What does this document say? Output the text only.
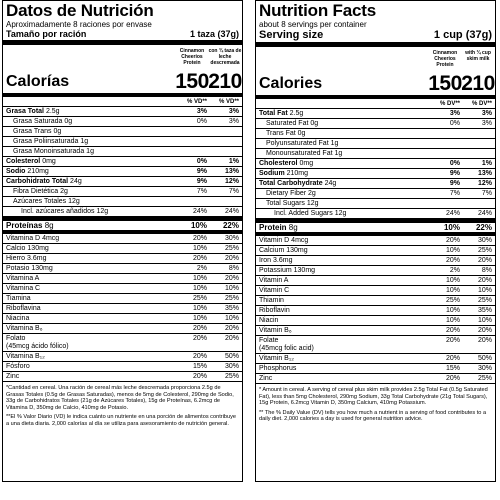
Datos de Nutrición
Aproximadamente 8 raciones por envase
Tamaño por ración	1 taza (37g)
Calorías
Cinnamon Cheerios Protein
150
con ¾ taza de leche descremada
210
% VD**	% VD**
Grasa Total 2.5g	3%	3%
Grasa Saturada 0g	0%	3%
Grasa Trans 0g
Grasa Poliinsaturada 1g
Grasa Monoinsaturada 1g
Colesterol 0mg	0%	1%
Sodio 210mg	9%	13%
Carbohidrato Total 24g	9%	12%
Fibra Dietética 2g	7%	7%
Azúcares Totales 12g
Incl. azúcares añadidos 12g	24%	24%
Proteínas 8g	10%	22%
Vitamina D 4mcg	20%	30%
Calcio 130mg	10%	25%
Hierro 3.6mg	20%	20%
Potasio 130mg	2%	8%
Vitamina A	10%	20%
Vitamina C	10%	10%
Tiamina	25%	25%
Riboflavina	10%	35%
Niacina	10%	10%
Vitamina B₆	20%	20%
Folato
(45mcg ácido fólico)
20%	20%
Vitamina B₁₂	20%	50%
Fósforo	15%	30%
Zinc	20%	25%

*Cantidad en cereal. Una ración de cereal más leche descremada proporciona 2.5g de Grasas Totales (0.5g de Grasas Saturadas), menos de 5mg de Colesterol, 290mg de Sodio, 33g de Carbohidratos Totales (21g de Azúcares Totales), 15g de Proteínas, 6.2mcg de Vitamina D, 350mg de Calcio, 410mg de Potasio.

**El % Valor Diario (VD) le indica cuánto un nutriente en una porción de alimentos contribuye a una dieta diaria. 2,000 calorías al día se utiliza para asesoramiento de nutrición general.

Nutrition Facts
about 8 servings per container
Serving size	1 cup (37g)
Calories
Cinnamon Cheerios Protein
150
with ¾ cup skim milk
210
% DV**	% DV**
Total Fat 2.5g	3%	3%
Saturated Fat 0g	0%	3%
Trans Fat 0g
Polyunsaturated Fat 1g
Monounsaturated Fat 1g
Cholesterol 0mg	0%	1%
Sodium 210mg	9%	13%
Total Carbohydrate 24g	9%	12%
Dietary Fiber 2g	7%	7%
Total Sugars 12g
Incl. Added Sugars 12g	24%	24%
Protein 8g	10%	22%
Vitamin D 4mcg	20%	30%
Calcium 130mg	10%	25%
Iron 3.6mg	20%	20%
Potassium 130mg	2%	8%
Vitamin A	10%	20%
Vitamin C	10%	10%
Thiamin	25%	25%
Riboflavin	10%	35%
Niacin	10%	10%
Vitamin B₆	20%	20%
Folate
(45mcg folic acid)
20%	20%
Vitamin B₁₂	20%	50%
Phosphorus	15%	30%
Zinc	20%	25%

* Amount in cereal. A serving of cereal plus skim milk provides 2.5g Total Fat (0.5g Saturated Fat), less than 5mg Cholesterol, 290mg Sodium, 33g Total Carbohydrate (21g Total Sugars), 15g Protein, 6.2mcg Vitamin D, 350mg Calcium, 410mg Potassium.

** The % Daily Value (DV) tells you how much a nutrient in a serving of food contributes to a daily diet. 2,000 calories a day is used for general nutrition advice.
